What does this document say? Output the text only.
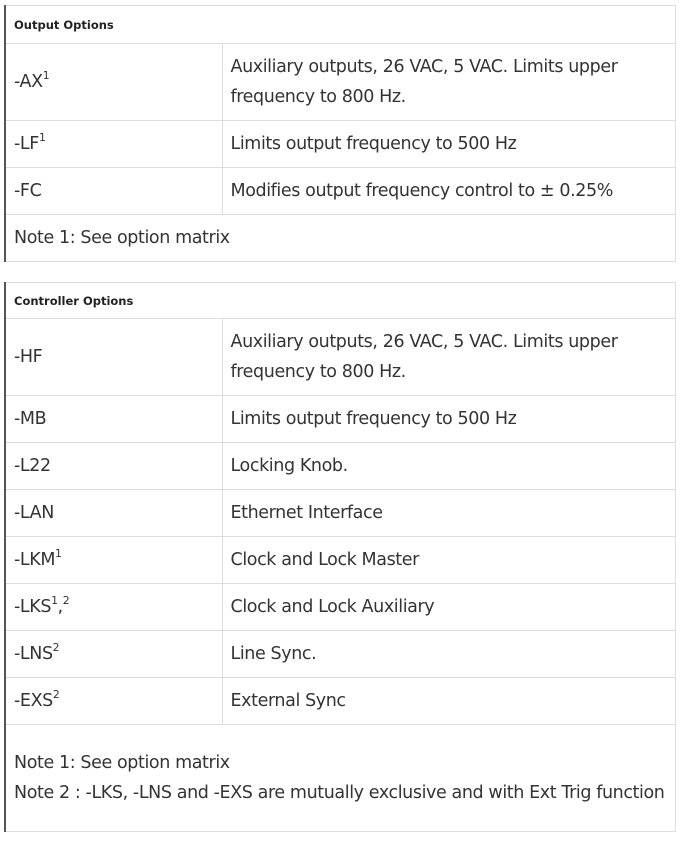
Output Options	
$-AX^1$	Auxiliary outputs, 26 VAC, 5 VAC. Limits upper frequency to 800 Hz.
$-LF^1$	Limits output frequency to 500 Hz
-FC	Modifies output frequency control to ± 0.25%

Note 1: See option matrix	
Controller Options	
-HF	Auxiliary outputs, 26 VAC, 5 VAC. Limits upper frequency to 800 Hz.
-MB	Limits output frequency to 500 Hz
-L22	Locking Knob.
-LAN	Ethernet Interface
-LKM$^1$	Clock and Lock Master
-LKS$^1$,$^2$	Clock and Lock Auxiliary
-LNS$^2$	Line Sync.
-EXS$^2$	External Sync

Note 1: See option matrix
Note 2 : -LKS, -LNS and -EXS are mutually exclusive and with Ext Trig function	
